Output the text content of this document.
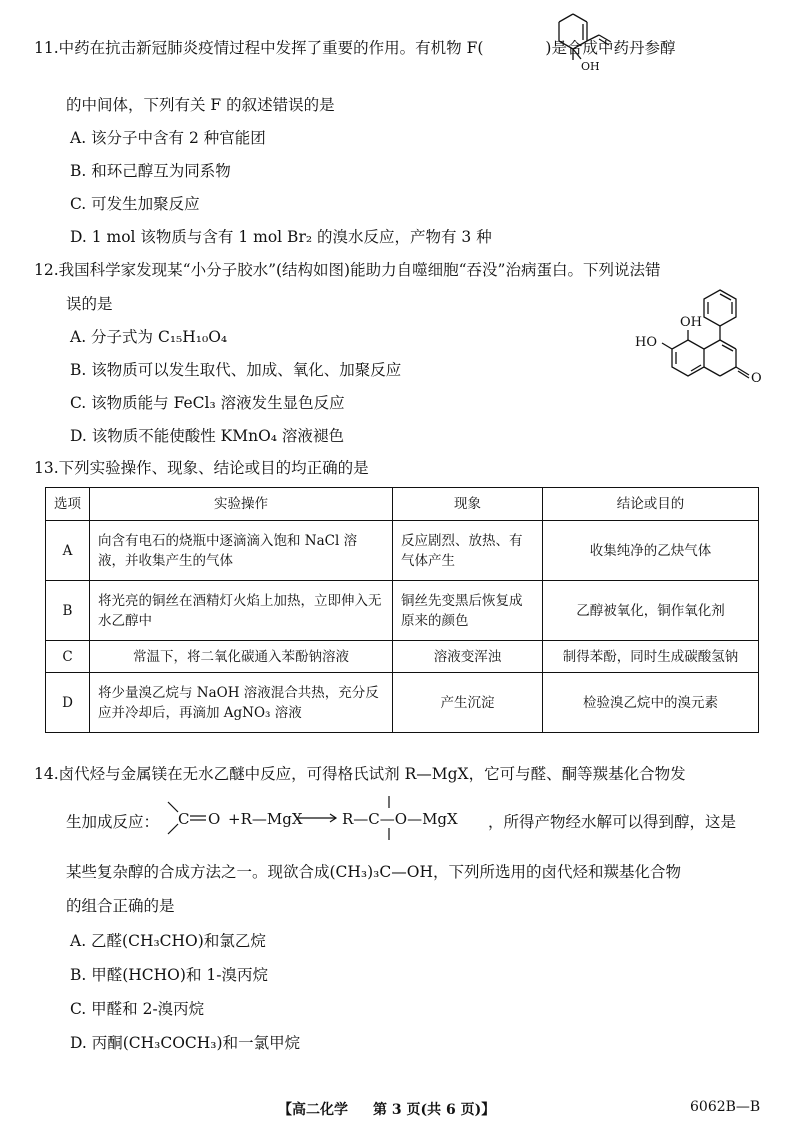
11.中药在抗击新冠肺炎疫情过程中发挥了重要的作用。有机物 F(	)是合成中药丹参醇
OH
的中间体，下列有关 F 的叙述错误的是
A. 该分子中含有 2 种官能团
B. 和环己醇互为同系物
C. 可发生加聚反应
D. 1 mol 该物质与含有 1 mol Br₂ 的溴水反应，产物有 3 种
12.我国科学家发现某“小分子胶水”(结构如图)能助力自噬细胞“吞没”治病蛋白。下列说法错
误的是
A. 分子式为 C₁₅H₁₀O₄
B. 该物质可以发生取代、加成、氧化、加聚反应
C. 该物质能与 FeCl₃ 溶液发生显色反应
D. 该物质不能使酸性 KMnO₄ 溶液褪色
OH
HO
O
13.下列实验操作、现象、结论或目的均正确的是
选项	实验操作	现象	结论或目的
A	向含有电石的烧瓶中逐滴滴入饱和 NaCl 溶液，并收集产生的气体	反应剧烈、放热、有气体产生	收集纯净的乙炔气体
B	将光亮的铜丝在酒精灯火焰上加热，立即伸入无水乙醇中	铜丝先变黑后恢复成原来的颜色	乙醇被氧化，铜作氧化剂
C	常温下，将二氧化碳通入苯酚钠溶液	溶液变浑浊	制得苯酚，同时生成碳酸氢钠
D	将少量溴乙烷与 NaOH 溶液混合共热，充分反应并冷却后，再滴加 AgNO₃ 溶液	产生沉淀	检验溴乙烷中的溴元素
14.卤代烃与金属镁在无水乙醚中反应，可得格氏试剂 R—MgX，它可与醛、酮等羰基化合物发
生加成反应： C O +R—MgX	R—C—O—MgX ，所得产物经水解可以得到醇，这是
某些复杂醇的合成方法之一。现欲合成(CH₃)₃C—OH，下列所选用的卤代烃和羰基化合物
的组合正确的是
A. 乙醛(CH₃CHO)和氯乙烷
B. 甲醛(HCHO)和 1-溴丙烷
C. 甲醛和 2-溴丙烷
D. 丙酮(CH₃COCH₃)和一氯甲烷
【高二化学 第 3 页(共 6 页)】	6062B—B
